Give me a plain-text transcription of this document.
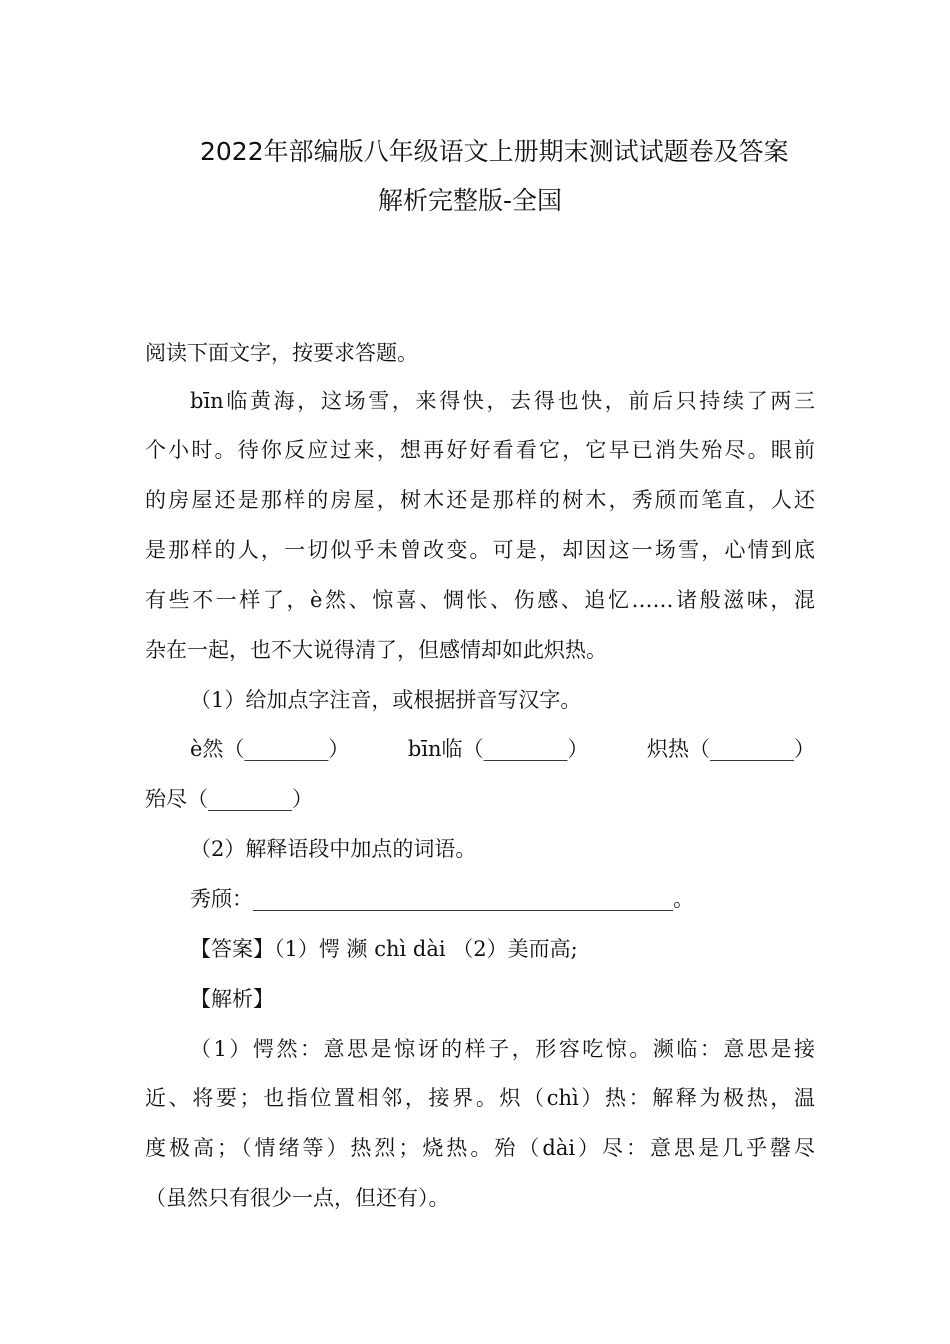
2022年部编版八年级语文上册期末测试试题卷及答案
解析完整版-全国
阅读下面文字，按要求答题。
bīn临黄海，这场雪，来得快，去得也快，前后只持续了两三
个小时。待你反应过来，想再好好看看它，它早已消失殆尽。眼前
的房屋还是那样的房屋，树木还是那样的树木，秀颀而笔直，人还
是那样的人，一切似乎未曾改变。可是，却因这一场雪，心情到底
有些不一样了，è然、惊喜、惆怅、伤感、追忆……诸般滋味，混
杂在一起，也不大说得清了，但感情却如此炽热。
（1）给加点字注音，或根据拼音写汉字。
è然（________）	bīn临（________）	炽热（________）
殆尽（________）
（2）解释语段中加点的词语。
秀颀：________________________________________。
【答案】（1）愕 濒 chì dài （2）美而高;
【解析】
（1）愕然：意思是惊讶的样子，形容吃惊。濒临：意思是接
近、将要；也指位置相邻，接界。炽（chì）热：解释为极热，温
度极高；（情绪等）热烈；烧热。殆（dài）尽：意思是几乎罄尽
（虽然只有很少一点，但还有）。
